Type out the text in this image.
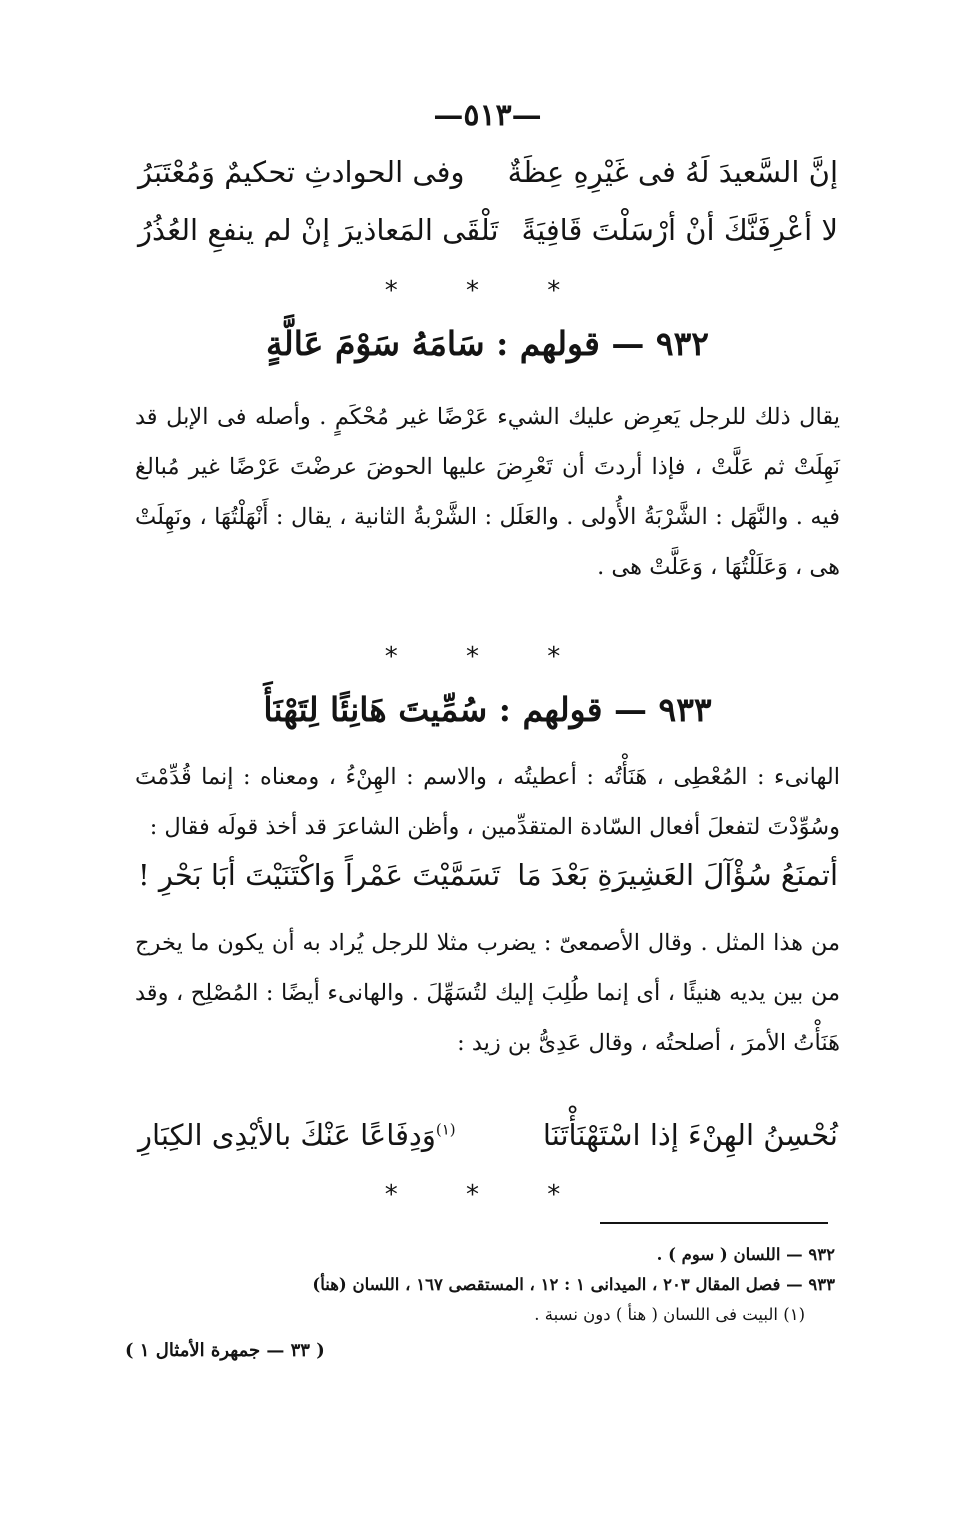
—٥١٣—
إنَّ السَّعيدَ لَهُ فى غَيْرِهِ عِظَةٌ
وفى الحوادثِ تحكيمٌ وَمُعْتَبَرُ
لا أعْرِفَنَّكَ أنْ أرْسَلْتَ قَافِيَةً
تَلْقَى المَعاذيرَ إنْ لم ينفعِ العُذُرُ
* * *
٩٣٢ — قولهم : سَامَهُ سَوْمَ عَالَّةٍ
يقال ذلك للرجل يَعرِض عليك الشيء عَرْضًا غير مُحْكَمٍ . وأصله فى الإبل قد نَهِلَتْ ثم عَلَّتْ ، فإذا أردتَ أن تَعْرِضَ عليها الحوضَ عرضْتَ عَرْضًا غير مُبالغ فيه . والنَّهَل : الشَّرْبَةُ الأُولى . والعَلَل : الشَّرْبةُ الثانية ، يقال : أَنْهَلْتُهَا ، ونَهِلَتْ هى ، وَعَلَلْتُهَا ، وَعَلَّتْ هى .
* * *
٩٣٣ — قولهم : سُمِّيتَ هَانِئًا لِتَهْنَأَ
الهانىء : المُعْطِى ، هَنَأْتُه : أعطيتُه ، والاسم : الهِنْءُ ، ومعناه : إنما قُدِّمْتَ وسُوِّدْتَ لتفعلَ أفعال السّادة المتقدِّمين ، وأظن الشاعرَ قد أخذ قولَه فقال :
أتمنَعُ سُؤْآلَ العَشِيرَةِ بَعْدَ مَا
تَسَمَّيْتَ عَمْراً وَاكْتَنَيْتَ أبَا بَحْرِ !
من هذا المثل . وقال الأصمعىّ : يضرب مثلا للرجل يُراد به أن يكون ما يخرج من بين يديه هنيئًا ، أى إنما طُلِبَ إليك لتُسَهِّلَ . والهانىء أيضًا : المُصْلِح ، وقد هَنَأْتُ الأمرَ ، أصلحتُه ، وقال عَدِىُّ بن زيد :
نُحْسِنُ الهِنْءَ إذا اسْتَهْنَأْتَنَا
$^{(١)}$وَدِفَاعًا عَنْكَ بالأيْدِى الكِبَارِ
* * *
٩٣٢ — اللسان ( سوم ) .
٩٣٣ — فصل المقال ٢٠٣ ، الميدانى ١ : ١٢ ، المستقصى ١٦٧ ، اللسان (هنأ)
(١) البيت فى اللسان ( هنأ ) دون نسبة .
( ٣٣ — جمهرة الأمثال ١ )
